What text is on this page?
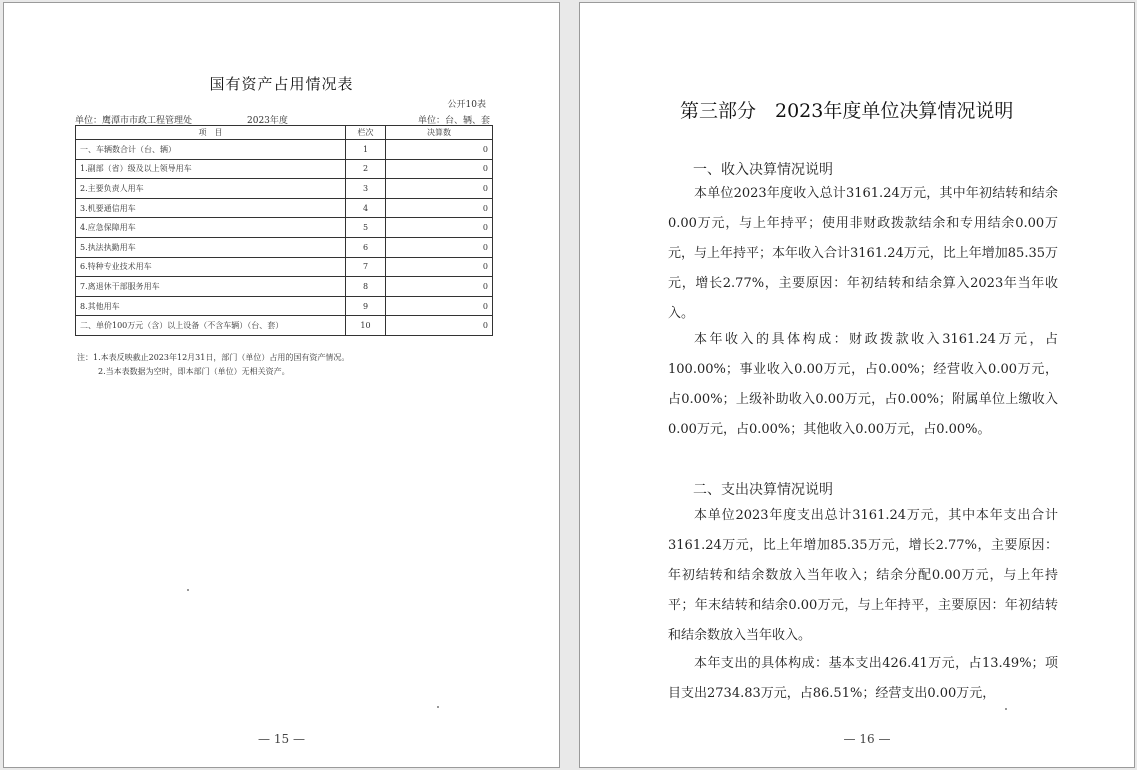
国有资产占用情况表
公开10表
单位：鹰潭市市政工程管理处	2023年度	单位：台、辆、套
项　目	栏次	决算数
一、车辆数合计（台、辆）	1	0
1.副部（省）级及以上领导用车	2	0
2.主要负责人用车	3	0
3.机要通信用车	4	0
4.应急保障用车	5	0
5.执法执勤用车	6	0
6.特种专业技术用车	7	0
7.离退休干部服务用车	8	0
8.其他用车	9	0
二、单价100万元（含）以上设备（不含车辆）（台、套）	10	0
注：1.本表反映截止2023年12月31日，部门（单位）占用的国有资产情况。
2.当本表数据为空时，即本部门（单位）无相关资产。
— 15 —
第三部分　2023年度单位决算情况说明
一、收入决算情况说明
本单位2023年度收入总计3161.24万元，其中年初结转和结余0.00万元，与上年持平；使用非财政拨款结余和专用结余0.00万元，与上年持平；本年收入合计3161.24万元，比上年增加85.35万元，增长2.77%，主要原因：年初结转和结余算入2023年当年收入。
本年收入的具体构成：财政拨款收入3161.24万元，占100.00%；事业收入0.00万元，占0.00%；经营收入0.00万元，占0.00%；上级补助收入0.00万元，占0.00%；附属单位上缴收入0.00万元，占0.00%；其他收入0.00万元，占0.00%。
二、支出决算情况说明
本单位2023年度支出总计3161.24万元，其中本年支出合计3161.24万元，比上年增加85.35万元，增长2.77%，主要原因：年初结转和结余数放入当年收入；结余分配0.00万元，与上年持平；年末结转和结余0.00万元，与上年持平，主要原因：年初结转和结余数放入当年收入。
本年支出的具体构成：基本支出426.41万元，占13.49%；项目支出2734.83万元，占86.51%；经营支出0.00万元，
— 16 —
